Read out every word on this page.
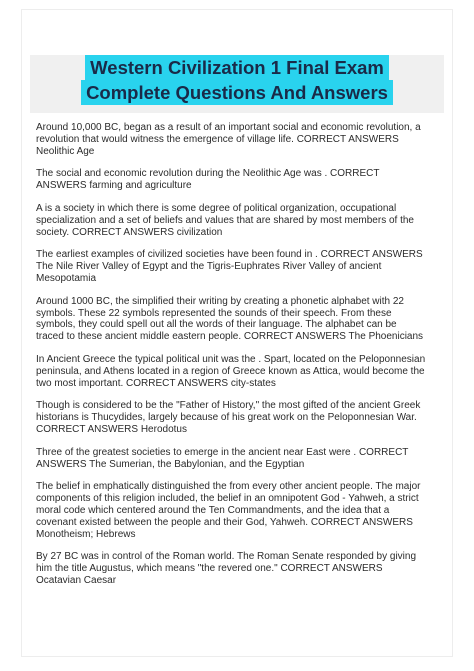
Western Civilization 1 Final Exam
Complete Questions And Answers

Around 10,000 BC, began as a result of an important social and economic revolution, a
revolution that would witness the emergence of village life. CORRECT ANSWERS
Neolithic Age

The social and economic revolution during the Neolithic Age was . CORRECT
ANSWERS farming and agriculture

A is a society in which there is some degree of political organization, occupational
specialization and a set of beliefs and values that are shared by most members of the
society. CORRECT ANSWERS civilization

The earliest examples of civilized societies have been found in . CORRECT ANSWERS
The Nile River Valley of Egypt and the Tigris-Euphrates River Valley of ancient
Mesopotamia

Around 1000 BC, the simplified their writing by creating a phonetic alphabet with 22
symbols. These 22 symbols represented the sounds of their speech. From these
symbols, they could spell out all the words of their language. The alphabet can be
traced to these ancient middle eastern people. CORRECT ANSWERS The Phoenicians

In Ancient Greece the typical political unit was the . Spart, located on the Peloponnesian
peninsula, and Athens located in a region of Greece known as Attica, would become the
two most important. CORRECT ANSWERS city-states

Though is considered to be the "Father of History," the most gifted of the ancient Greek
historians is Thucydides, largely because of his great work on the Peloponnesian War.
CORRECT ANSWERS Herodotus

Three of the greatest societies to emerge in the ancient near East were . CORRECT
ANSWERS The Sumerian, the Babylonian, and the Egyptian

The belief in emphatically distinguished the from every other ancient people. The major
components of this religion included, the belief in an omnipotent God - Yahweh, a strict
moral code which centered around the Ten Commandments, and the idea that a
covenant existed between the people and their God, Yahweh. CORRECT ANSWERS
Monotheism; Hebrews

By 27 BC was in control of the Roman world. The Roman Senate responded by giving
him the title Augustus, which means "the revered one." CORRECT ANSWERS
Ocatavian Caesar
